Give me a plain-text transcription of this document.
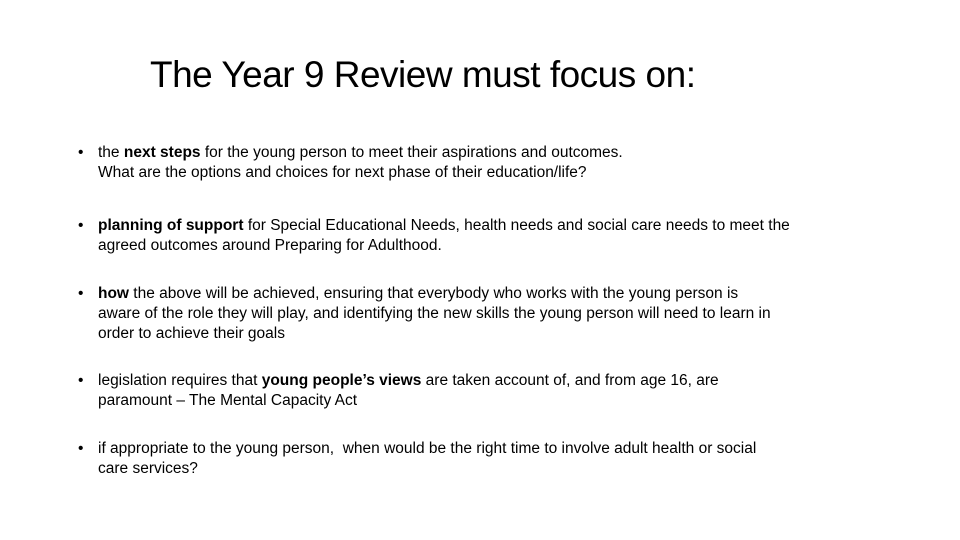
The Year 9 Review must focus on:
• the next steps for the young person to meet their aspirations and outcomes.
What are the options and choices for next phase of their education/life?
• planning of support for Special Educational Needs, health needs and social care needs to meet the
agreed outcomes around Preparing for Adulthood.
• how the above will be achieved, ensuring that everybody who works with the young person is
aware of the role they will play, and identifying the new skills the young person will need to learn in
order to achieve their goals
• legislation requires that young people’s views are taken account of, and from age 16, are
paramount – The Mental Capacity Act
• if appropriate to the young person,  when would be the right time to involve adult health or social
care services?
